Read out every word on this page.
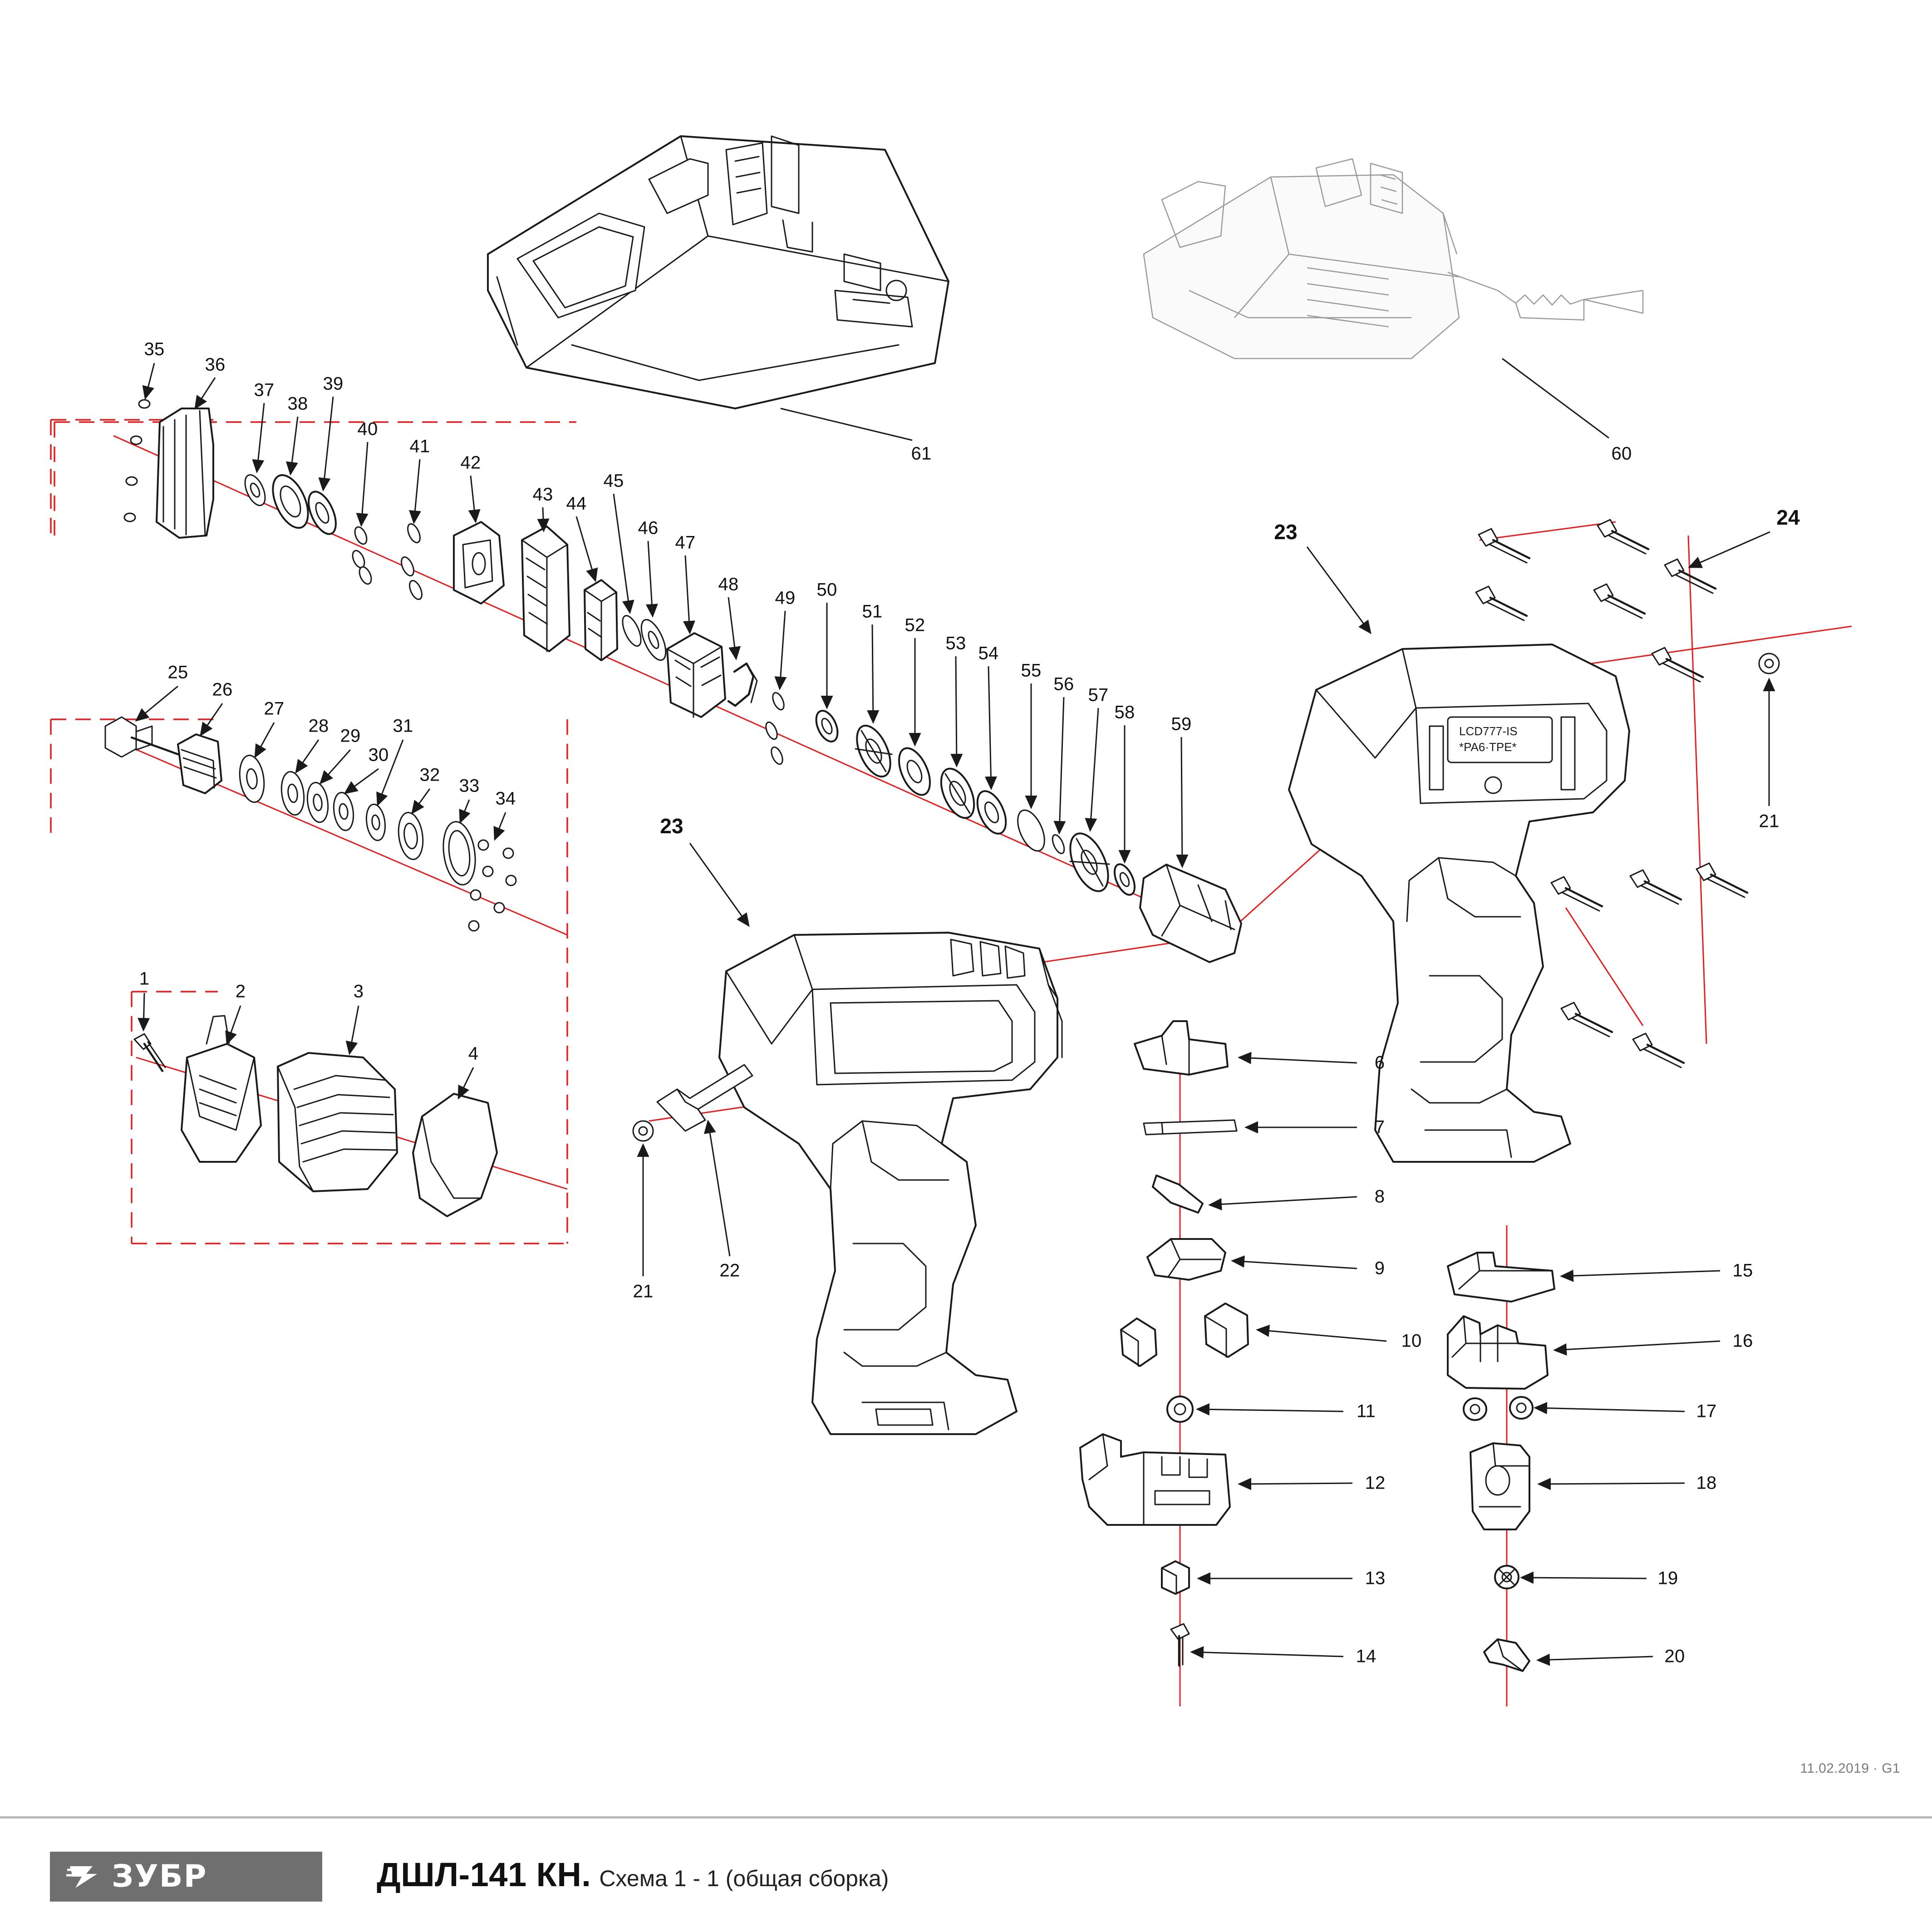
LCD777-IS
*PA6·TPE*
1
2	3
4	6
7
8
9
10
11
12
13
14
15
16
17
18
19
20
21
21
22
23
23
24
25
26
27
28 29
30
31
32
33
34
35
36
37
38
39
40
41
42
43 44
45
46
47
48
49 50
51
52
53 54
55
56
57
58
59
60
61
11.02.2019 · G1
ЗУБР	ДШЛ-141 КН. Схема 1 - 1 (общая сборка)
